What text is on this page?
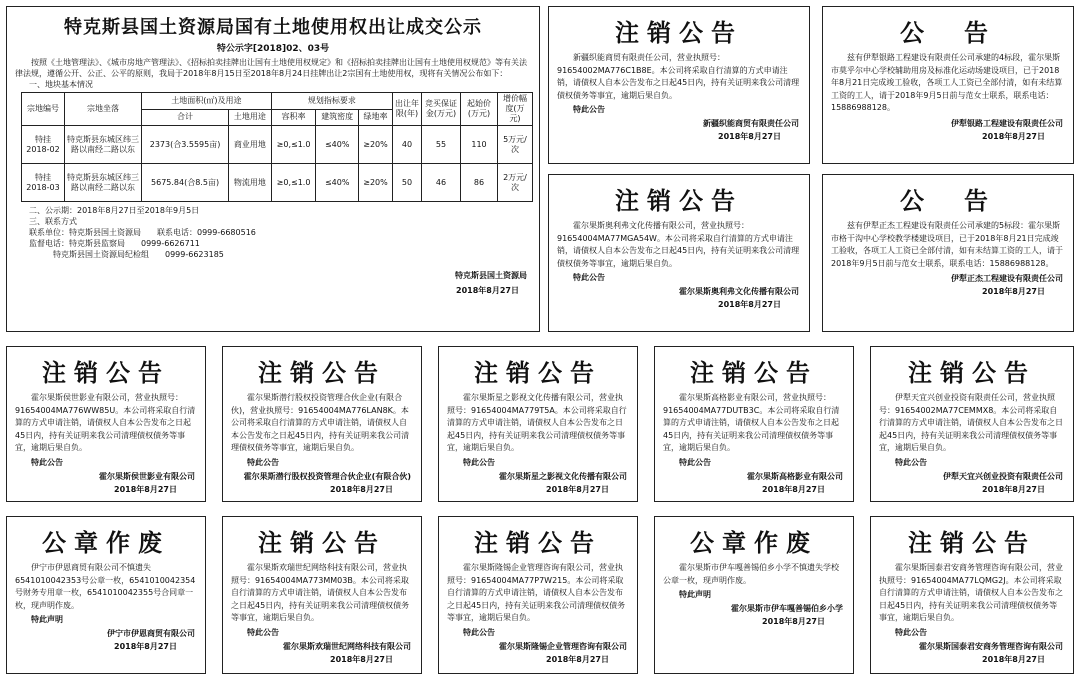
特克斯县国土资源局国有土地使用权出让成交公示
特公示字[2018]02、03号
按照《土地管理法》、《城市房地产管理法》、《招标拍卖挂牌出让国有土地使用权规定》和《招标拍卖挂牌出让国有土地使用权规范》等有关法律法规，遵循公开、公正、公平的原则，我局于2018年8月15日至2018年8月24日挂牌出让2宗国有土地使用权，现将有关情况公布如下：
一、地块基本情况
宗地编号	宗地坐落	土地面积(㎡)及用途		规划指标要求			出让年限(年)	竞买保证金(万元)	起始价(万元)	增价幅度(万元)
		合计	土地用途	容积率	建筑密度	绿地率				
特挂2018-02	特克斯县东城区纬三路以南经二路以东	2373(合3.5595亩)	商业用地	≥0,≤1.0	≤40%	≥20%	40	55	110	5万元/次
特挂2018-03	特克斯县东城区纬三路以南经二路以东	5675.84(合8.5亩)	物流用地	≥0,≤1.0	≤40%	≥20%	50	46	86	2万元/次
二、公示期：2018年8月27日至2018年9月5日
三、联系方式
联系单位：特克斯县国土资源局　　联系电话：0999-6680516
监督电话：特克斯县监察局　　0999-6626711
特克斯县国土资源局纪检组　　0999-6623185
特克斯县国土资源局
2018年8月27日
注销公告
新疆织能商贸有限责任公司，营业执照号：91654002MA776C1B8E。本公司将采取自行清算的方式申请注销，请债权人自本公告发布之日起45日内，持有关证明来我公司清理债权债务等事宜，逾期后果自负。
特此公告
新疆织能商贸有限责任公司
2018年8月27日
公　告
兹有伊犁银路工程建设有限责任公司承建的4标段，霍尔果斯市莫乎尔中心学校辅助用房及标准化运动场建设项目，已于2018年8月21日完成竣工验收，各项工人工资已全部付清，如有未结算工资的工人，请于2018年9月5日前与范女士联系，联系电话：15886988128。
伊犁银路工程建设有限责任公司
2018年8月27日
注销公告
霍尔果斯奥利弗文化传播有限公司，营业执照号：91654004MA77MGA54W。本公司将采取自行清算的方式申请注销，请债权人自本公告发布之日起45日内，持有关证明来我公司清理债权债务等事宜，逾期后果自负。
特此公告
霍尔果斯奥利弗文化传播有限公司
2018年8月27日
公　告
兹有伊犁正杰工程建设有限责任公司承建的5标段：霍尔果斯市格干沟中心学校教学楼建设项目，已于2018年8月21日完成竣工验收，各项工人工资已全部付清，如有未结算工资的工人，请于2018年9月5日前与范女士联系，联系电话：15886988128。
伊犁正杰工程建设有限责任公司
2018年8月27日
注销公告
霍尔果斯侯世影业有限公司，营业执照号：91654004MA776WW85U。本公司将采取自行清算的方式申请注销，请债权人自本公告发布之日起45日内，持有关证明来我公司清理债权债务等事宜，逾期后果自负。
特此公告
霍尔果斯侯世影业有限公司
2018年8月27日
注销公告
霍尔果斯潜行股权投资管理合伙企业(有限合伙)，营业执照号：91654004MA776LAN8K。本公司将采取自行清算的方式申请注销，请债权人自本公告发布之日起45日内，持有关证明来我公司清理债权债务等事宜，逾期后果自负。
特此公告
霍尔果斯潜行股权投资管理合伙企业(有限合伙)
2018年8月27日
注销公告
霍尔果斯星之影视文化传播有限公司，营业执照号：91654004MA779T5A。本公司将采取自行清算的方式申请注销，请债权人自本公告发布之日起45日内，持有关证明来我公司清理债权债务等事宜，逾期后果自负。
特此公告
霍尔果斯星之影视文化传播有限公司
2018年8月27日
注销公告
霍尔果斯高格影业有限公司，营业执照号：91654004MA77DUTB3C。本公司将采取自行清算的方式申请注销，请债权人自本公告发布之日起45日内，持有关证明来我公司清理债权债务等事宜，逾期后果自负。
特此公告
霍尔果斯高格影业有限公司
2018年8月27日
注销公告
伊犁天宜兴创业投资有限责任公司，营业执照号：91654002MA77CEMMX8。本公司将采取自行清算的方式申请注销，请债权人自本公告发布之日起45日内，持有关证明来我公司清理债权债务等事宜，逾期后果自负。
特此公告
伊犁天宜兴创业投资有限责任公司
2018年8月27日
公章作废
伊宁市伊恩商贸有限公司不慎遗失6541010042353号公章一枚，6541010042354号财务专用章一枚，6541010042355号合同章一枚，现声明作废。
特此声明
伊宁市伊恩商贸有限公司
2018年8月27日
注销公告
霍尔果斯欢瑞世纪网络科技有限公司，营业执照号：91654004MA773MM03B。本公司将采取自行清算的方式申请注销，请债权人自本公告发布之日起45日内，持有关证明来我公司清理债权债务等事宜，逾期后果自负。
特此公告
霍尔果斯欢瑞世纪网络科技有限公司
2018年8月27日
注销公告
霍尔果斯隆锡企业管理咨询有限公司，营业执照号：91654004MA77P7W215。本公司将采取自行清算的方式申请注销，请债权人自本公告发布之日起45日内，持有关证明来我公司清理债权债务等事宜，逾期后果自负。
特此公告
霍尔果斯隆锡企业管理咨询有限公司
2018年8月27日
公章作废
霍尔果斯市伊车嘎善锡伯乡小学不慎遗失学校公章一枚，现声明作废。
特此声明
霍尔果斯市伊车嘎善锡伯乡小学
2018年8月27日
注销公告
霍尔果斯国泰君安商务管理咨询有限公司，营业执照号：91654004MA77LQMG2J。本公司将采取自行清算的方式申请注销，请债权人自本公告发布之日起45日内，持有关证明来我公司清理债权债务等事宜，逾期后果自负。
特此公告
霍尔果斯国泰君安商务管理咨询有限公司
2018年8月27日
